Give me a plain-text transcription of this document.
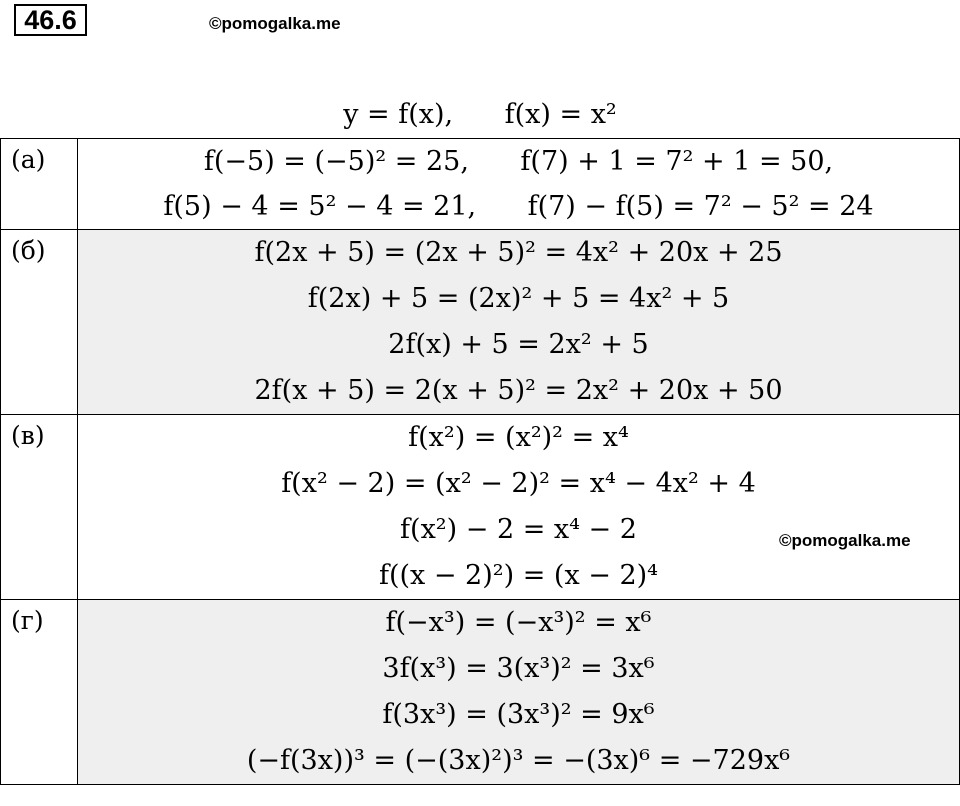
46.6	©pomogalka.me
y = f(x),      f(x) = x²
(а)	f(−5) = (−5)² = 25,      f(7) + 1 = 7² + 1 = 50,
f(5) − 4 = 5² − 4 = 21,      f(7) − f(5) = 7² − 5² = 24

(б)	f(2x + 5) = (2x + 5)² = 4x² + 20x + 25
f(2x) + 5 = (2x)² + 5 = 4x² + 5
2f(x) + 5 = 2x² + 5
2f(x + 5) = 2(x + 5)² = 2x² + 20x + 50

(в)	f(x²) = (x²)² = x⁴
f(x² − 2) = (x² − 2)² = x⁴ − 4x² + 4
f(x²) − 2 = x⁴ − 2
f((x − 2)²) = (x − 2)⁴

(г)	f(−x³) = (−x³)² = x⁶
3f(x³) = 3(x³)² = 3x⁶
f(3x³) = (3x³)² = 9x⁶
(−f(3x))³ = (−(3x)²)³ = −(3x)⁶ = −729x⁶
©pomogalka.me
